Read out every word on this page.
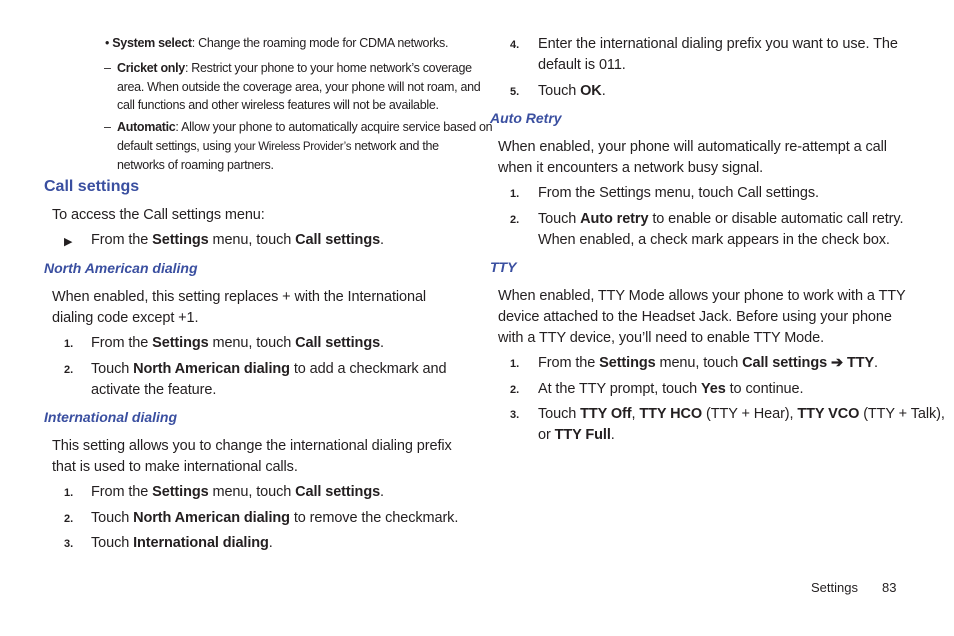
• System select: Change the roaming mode for CDMA networks.
– Cricket only: Restrict your phone to your home network’s coverage
area. When outside the coverage area, your phone will not roam, and
call functions and other wireless features will not be available.
– Automatic: Allow your phone to automatically acquire service based on
default settings, using your Wireless Provider’s network and the
networks of roaming partners.
Call settings
To access the Call settings menu:
▶ From the Settings menu, touch Call settings.
North American dialing
When enabled, this setting replaces + with the International
dialing code except +1.
1. From the Settings menu, touch Call settings.
2. Touch North American dialing to add a checkmark and
activate the feature.
International dialing
This setting allows you to change the international dialing prefix
that is used to make international calls.
1. From the Settings menu, touch Call settings.
2. Touch North American dialing to remove the checkmark.
3. Touch International dialing.
4. Enter the international dialing prefix you want to use. The
default is 011.
5. Touch OK.
Auto Retry
When enabled, your phone will automatically re-attempt a call
when it encounters a network busy signal.
1. From the Settings menu, touch Call settings.
2. Touch Auto retry to enable or disable automatic call retry.
When enabled, a check mark appears in the check box.
TTY
When enabled, TTY Mode allows your phone to work with a TTY
device attached to the Headset Jack. Before using your phone
with a TTY device, you’ll need to enable TTY Mode.
1. From the Settings menu, touch Call settings ➔ TTY.
2. At the TTY prompt, touch Yes to continue.
3. Touch TTY Off, TTY HCO (TTY + Hear), TTY VCO (TTY + Talk),
or TTY Full.
Settings 83
